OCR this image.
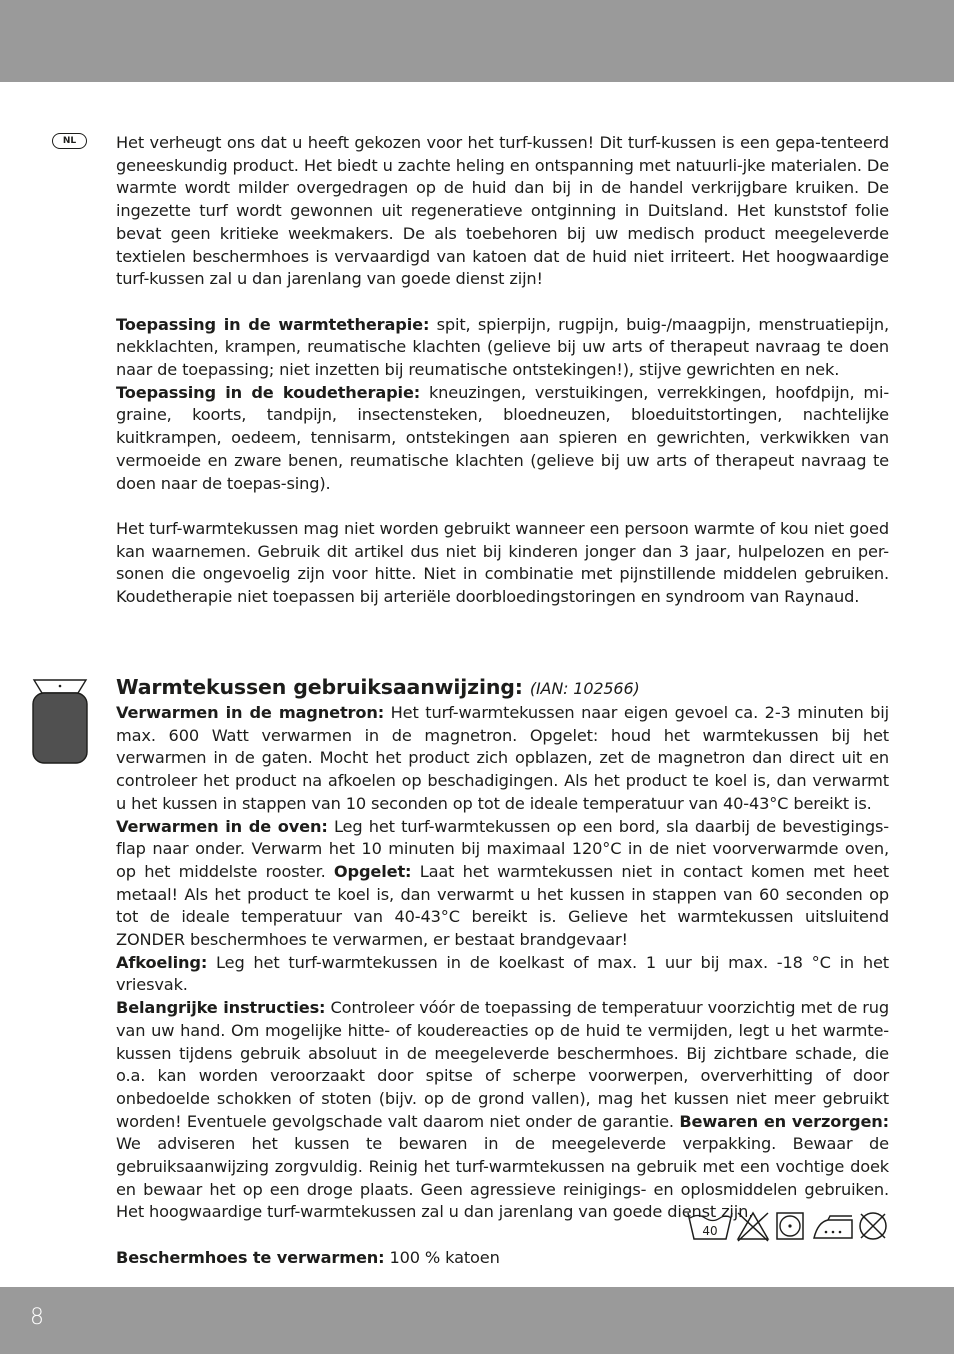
NL	Het verheugt ons dat u heeft gekozen voor het turf-kussen! Dit turf-kussen is een gepa-tenteerd geneeskundig product. Het biedt u zachte heling en ontspanning met natuurli-jke materialen. De warmte wordt milder overgedragen op de huid dan bij in de handel verkrijgbare kruiken. De ingezette turf wordt gewonnen uit regeneratieve ontginning in Duitsland. Het kunststof folie bevat geen kritieke weekmakers. De als toebehoren bij uw medisch product meegeleverde textielen beschermhoes is vervaardigd van katoen dat de huid niet irriteert. Het hoogwaardige turf-kussen zal u dan jarenlang van goede dienst zijn!

Toepassing in de warmtetherapie: spit, spierpijn, rugpijn, buig-/maagpijn, menstruatiepijn, nekklachten, krampen, reumatische klachten (gelieve bij uw arts of therapeut navraag te doen naar de toepassing; niet inzetten bij reumatische ontstekingen!), stijve gewrichten en nek.

Toepassing in de koudetherapie: kneuzingen, verstuikingen, verrekkingen, hoofdpijn, mi-graine, koorts, tandpijn, insectensteken, bloedneuzen, bloeduitstortingen, nachtelijke kuitkrampen, oedeem, tennisarm, ontstekingen aan spieren en gewrichten, verkwikken van vermoeide en zware benen, reumatische klachten (gelieve bij uw arts of therapeut navraag te doen naar de toepas-sing).

Het turf-warmtekussen mag niet worden gebruikt wanneer een persoon warmte of kou niet goed kan waarnemen. Gebruik dit artikel dus niet bij kinderen jonger dan 3 jaar, hulpelozen en per-sonen die ongevoelig zijn voor hitte. Niet in combinatie met pijnstillende middelen gebruiken. Koudetherapie niet toepassen bij arteriële doorbloedingstoringen en syndroom van Raynaud.

Warmtekussen gebruiksaanwijzing: (IAN: 102566)

Verwarmen in de magnetron: Het turf-warmtekussen naar eigen gevoel ca. 2-3 minuten bij max. 600 Watt verwarmen in de magnetron. Opgelet: houd het warmtekussen bij het verwarmen in de gaten. Mocht het product zich opblazen, zet de magnetron dan direct uit en controleer het product na afkoelen op beschadigingen. Als het product te koel is, dan verwarmt u het kussen in stappen van 10 seconden op tot de ideale temperatuur van 40-43°C bereikt is.

Verwarmen in de oven: Leg het turf-warmtekussen op een bord, sla daarbij de bevestigings-flap naar onder. Verwarm het 10 minuten bij maximaal 120°C in de niet voorverwarmde oven, op het middelste rooster. Opgelet: Laat het warmtekussen niet in contact komen met heet metaal! Als het product te koel is, dan verwarmt u het kussen in stappen van 60 seconden op tot de ideale temperatuur van 40-43°C bereikt is. Gelieve het warmtekussen uitsluitend ZONDER beschermhoes te verwarmen, er bestaat brandgevaar!

Afkoeling: Leg het turf-warmtekussen in de koelkast of max. 1 uur bij max. -18 °C in het vriesvak.

Belangrijke instructies: Controleer vóór de toepassing de temperatuur voorzichtig met de rug van uw hand. Om mogelijke hitte- of koudereacties op de huid te vermijden, legt u het warmte-kussen tijdens gebruik absoluut in de meegeleverde beschermhoes. Bij zichtbare schade, die o.a. kan worden veroorzaakt door spitse of scherpe voorwerpen, oververhitting of door onbedoelde schokken of stoten (bijv. op de grond vallen), mag het kussen niet meer gebruikt worden! Eventuele gevolgschade valt daarom niet onder de garantie. Bewaren en verzorgen: We adviseren het kussen te bewaren in de meegeleverde verpakking. Bewaar de gebruiksaanwijzing zorgvuldig. Reinig het turf-warmtekussen na gebruik met een vochtige doek en bewaar het op een droge plaats. Geen agressieve reinigings- en oplosmiddelen gebruiken. Het hoogwaardige turf-warmtekussen zal u dan jarenlang van goede dienst zijn.

Beschermhoes te verwarmen: 100 % katoen

40
8
